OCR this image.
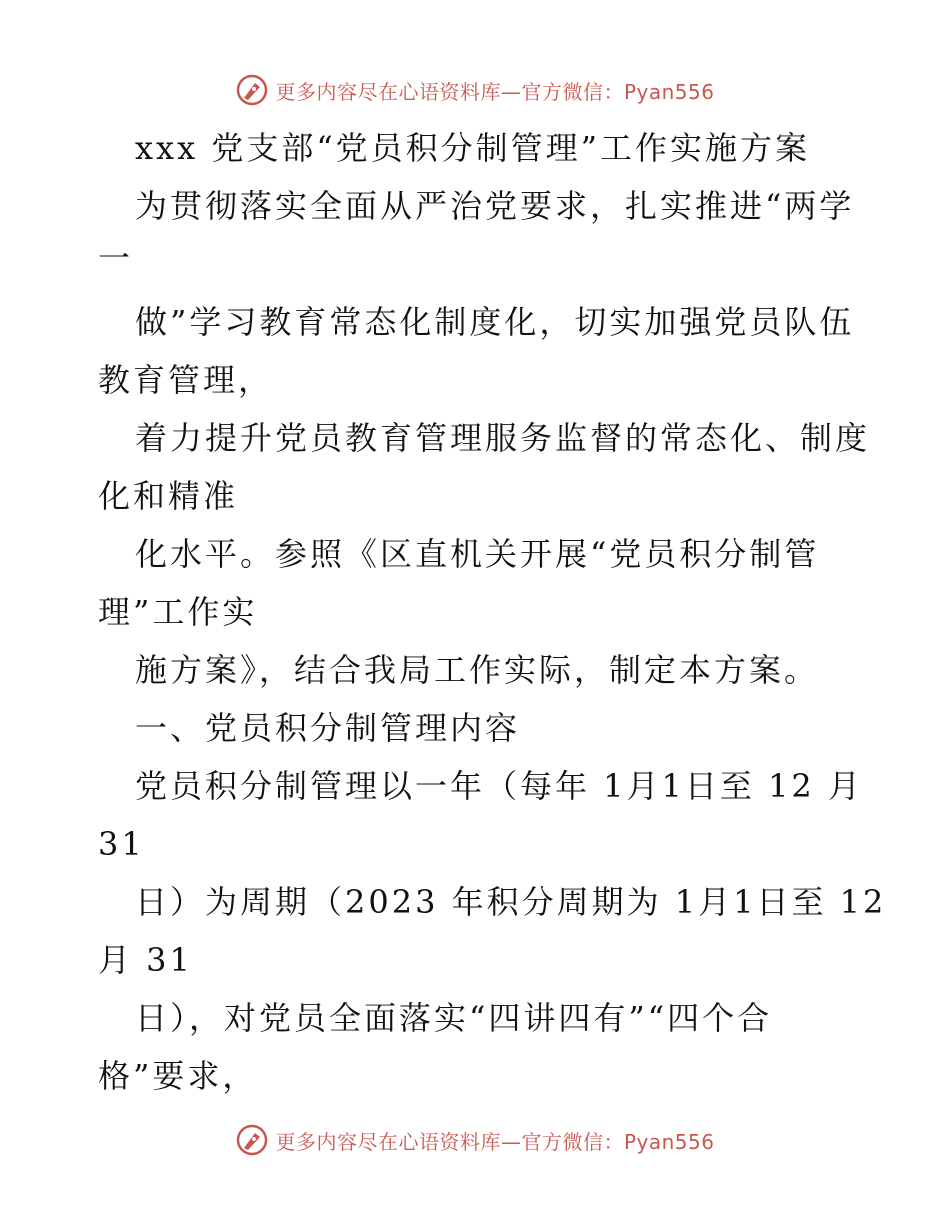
更多内容尽在心语资料库—官方微信：Pyan556
xxx 党支部“党员积分制管理”工作实施方案
为贯彻落实全面从严治党要求，扎实推进“两学
一
做”学习教育常态化制度化，切实加强党员队伍
教育管理，
着力提升党员教育管理服务监督的常态化、制度
化和精准
化水平。参照《区直机关开展“党员积分制管
理”工作实
施方案》，结合我局工作实际，制定本方案。
一、党员积分制管理内容
党员积分制管理以一年（每年 1月1日至 12 月
31
日）为周期（2023 年积分周期为 1月1日至 12
月 31
日），对党员全面落实“四讲四有”“四个合
格”要求，
更多内容尽在心语资料库—官方微信：Pyan556
